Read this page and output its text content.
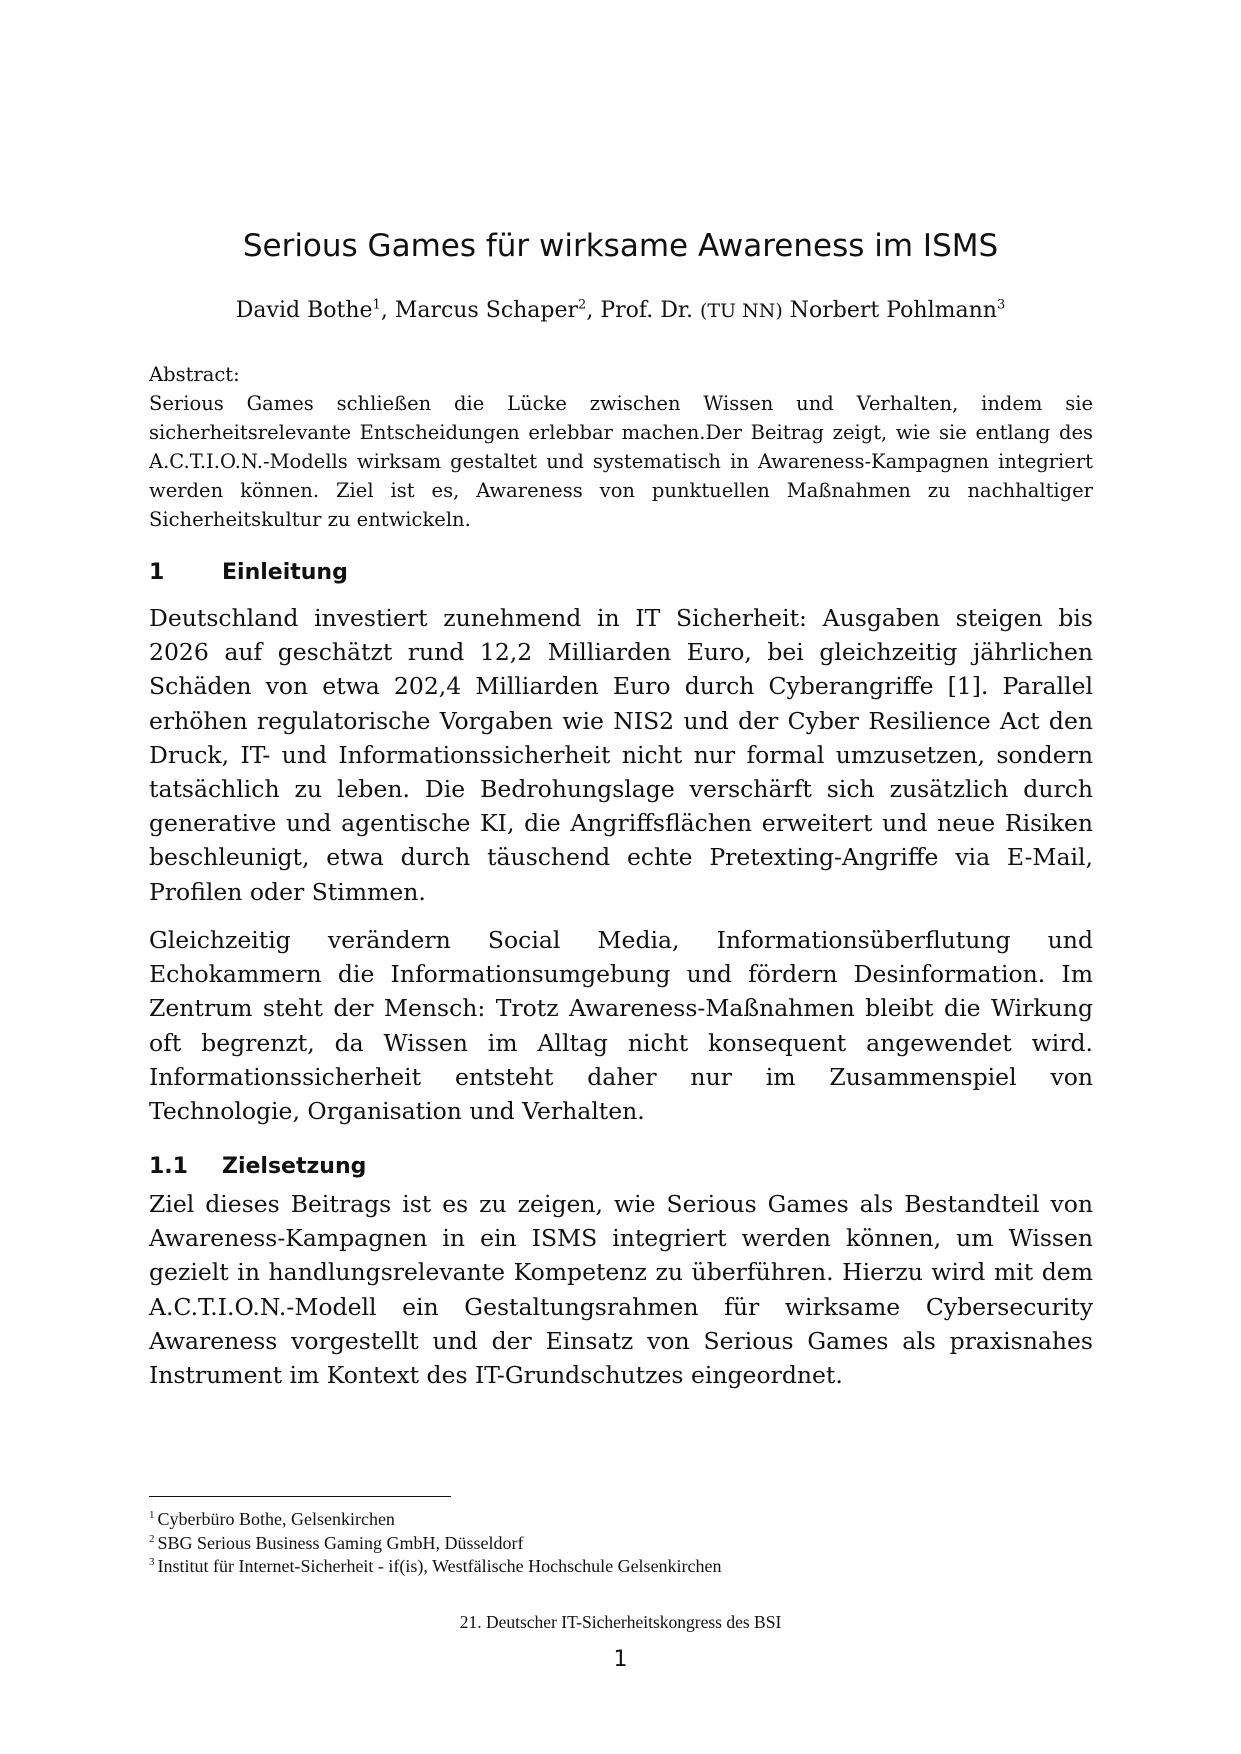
Serious Games für wirksame Awareness im ISMS

David Bothe$^1$, Marcus Schaper$^2$, Prof. Dr. (TU NN) Norbert Pohlmann$^3$

Abstract:
Serious Games schließen die Lücke zwischen Wissen und Verhalten, indem sie sicherheitsrelevante Entscheidungen erlebbar machen.Der Beitrag zeigt, wie sie entlang des A.C.T.I.O.N.-Modells wirksam gestaltet und systematisch in Awareness-Kampagnen integriert werden können. Ziel ist es, Awareness von punktuellen Maßnahmen zu nachhaltiger Sicherheitskultur zu entwickeln.
1	Einleitung

Deutschland investiert zunehmend in IT Sicherheit: Ausgaben steigen bis 2026 auf geschätzt rund 12,2 Milliarden Euro, bei gleichzeitig jährlichen Schäden von etwa 202,4 Milliarden Euro durch Cyberangriffe [1]. Parallel erhöhen regulatorische Vorgaben wie NIS2 und der Cyber Resilience Act den Druck, IT- und Informationssicherheit nicht nur formal umzusetzen, sondern tatsächlich zu leben. Die Bedrohungslage verschärft sich zusätzlich durch generative und agentische KI, die Angriffsflächen erweitert und neue Risiken beschleunigt, etwa durch täuschend echte Pretexting-Angriffe via E-Mail, Profilen oder Stimmen.

Gleichzeitig verändern Social Media, Informationsüberflutung und Echokammern die Informationsumgebung und fördern Desinformation. Im Zentrum steht der Mensch: Trotz Awareness-Maßnahmen bleibt die Wirkung oft begrenzt, da Wissen im Alltag nicht konsequent angewendet wird. Informationssicherheit entsteht daher nur im Zusammenspiel von Technologie, Organisation und Verhalten.

1.1 Zielsetzung

Ziel dieses Beitrags ist es zu zeigen, wie Serious Games als Bestandteil von Awareness-Kampagnen in ein ISMS integriert werden können, um Wissen gezielt in handlungsrelevante Kompetenz zu überführen. Hierzu wird mit dem A.C.T.I.O.N.-Modell ein Gestaltungsrahmen für wirksame Cybersecurity Awareness vorgestellt und der Einsatz von Serious Games als praxisnahes Instrument im Kontext des IT-Grundschutzes eingeordnet.

$^1$ Cyberbüro Bothe, Gelsenkirchen
$^2$ SBG Serious Business Gaming GmbH, Düsseldorf
$^3$ Institut für Internet-Sicherheit - if(is), Westfälische Hochschule Gelsenkirchen

21. Deutscher IT-Sicherheitskongress des BSI

1
